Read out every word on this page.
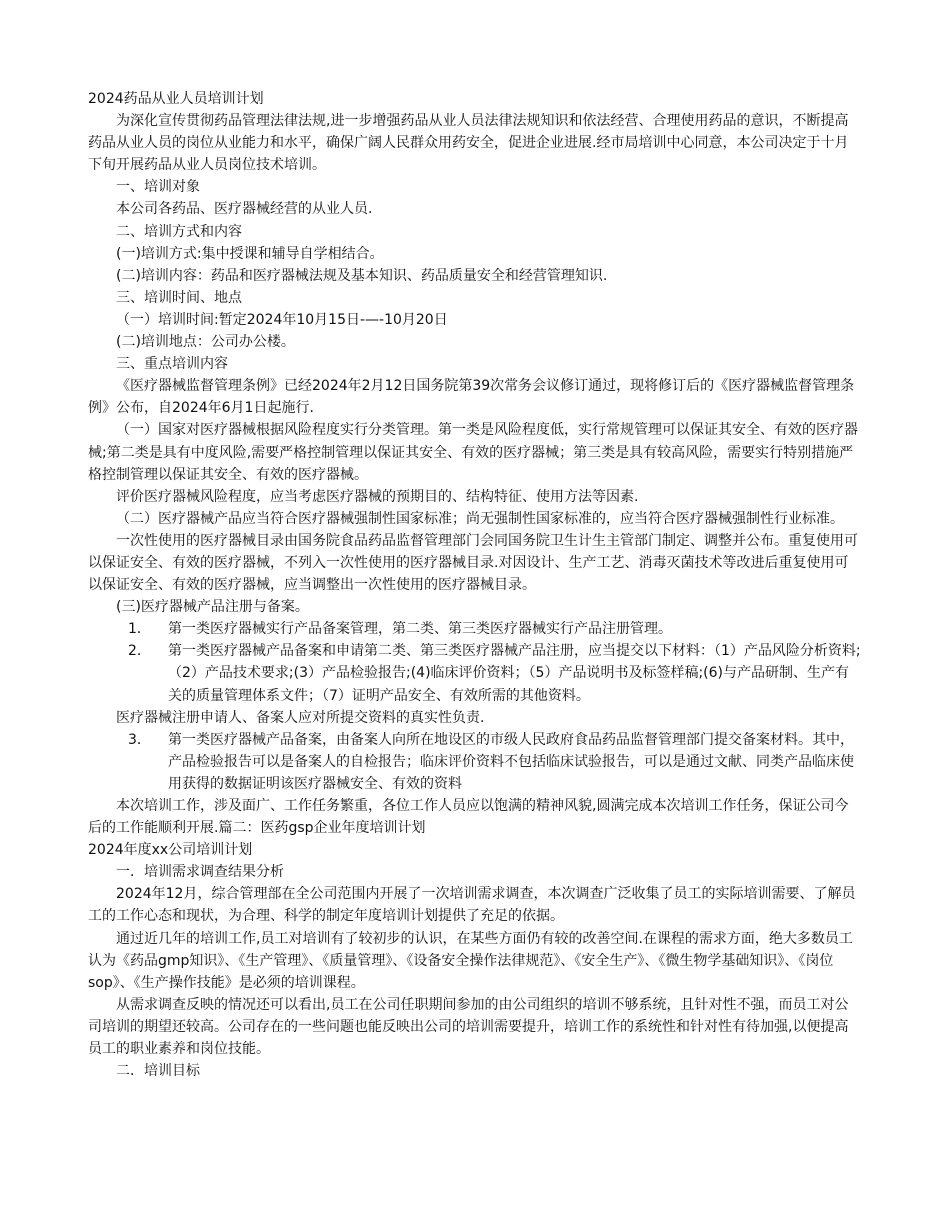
2024药品从业人员培训计划

为深化宣传贯彻药品管理法律法规,进一步增强药品从业人员法律法规知识和依法经营、合理使用药品的意识，不断提高药品从业人员的岗位从业能力和水平，确保广阔人民群众用药安全，促进企业进展.经市局培训中心同意，本公司决定于十月下旬开展药品从业人员岗位技术培训。

一、培训对象

本公司各药品、医疗器械经营的从业人员.

二、培训方式和内容

(一)培训方式:集中授课和辅导自学相结合。

(二)培训内容：药品和医疗器械法规及基本知识、药品质量安全和经营管理知识.

三、培训时间、地点

（一）培训时间:暂定2024年10月15日-—-10月20日

(二)培训地点：公司办公楼。

三、重点培训内容

《医疗器械监督管理条例》已经2024年2月12日国务院第39次常务会议修订通过，现将修订后的《医疗器械监督管理条例》公布，自2024年6月1日起施行.

（一）国家对医疗器械根据风险程度实行分类管理。第一类是风险程度低，实行常规管理可以保证其安全、有效的医疗器械;第二类是具有中度风险,需要严格控制管理以保证其安全、有效的医疗器械；第三类是具有较高风险，需要实行特别措施严格控制管理以保证其安全、有效的医疗器械。

评价医疗器械风险程度，应当考虑医疗器械的预期目的、结构特征、使用方法等因素.

（二）医疗器械产品应当符合医疗器械强制性国家标准；尚无强制性国家标准的，应当符合医疗器械强制性行业标准。

一次性使用的医疗器械目录由国务院食品药品监督管理部门会同国务院卫生计生主管部门制定、调整并公布。重复使用可以保证安全、有效的医疗器械，不列入一次性使用的医疗器械目录.对因设计、生产工艺、消毒灭菌技术等改进后重复使用可以保证安全、有效的医疗器械，应当调整出一次性使用的医疗器械目录。

(三)医疗器械产品注册与备案。

1．	第一类医疗器械实行产品备案管理，第二类、第三类医疗器械实行产品注册管理。
2．	第一类医疗器械产品备案和申请第二类、第三类医疗器械产品注册，应当提交以下材料：（1）产品风险分析资料;（2）产品技术要求;(3）产品检验报告;(4)临床评价资料；（5）产品说明书及标签样稿;(6)与产品研制、生产有关的质量管理体系文件；（7）证明产品安全、有效所需的其他资料。

医疗器械注册申请人、备案人应对所提交资料的真实性负责.

3．	第一类医疗器械产品备案，由备案人向所在地设区的市级人民政府食品药品监督管理部门提交备案材料。其中，产品检验报告可以是备案人的自检报告；临床评价资料不包括临床试验报告，可以是通过文献、同类产品临床使用获得的数据证明该医疗器械安全、有效的资料

本次培训工作，涉及面广、工作任务繁重，各位工作人员应以饱满的精神风貌,圆满完成本次培训工作任务，保证公司今后的工作能顺利开展.篇二：医药gsp企业年度培训计划

2024年度xx公司培训计划

一．培训需求调查结果分析

2024年12月，综合管理部在全公司范围内开展了一次培训需求调查，本次调查广泛收集了员工的实际培训需要、了解员工的工作心态和现状，为合理、科学的制定年度培训计划提供了充足的依据。

通过近几年的培训工作,员工对培训有了较初步的认识，在某些方面仍有较的改善空间.在课程的需求方面，绝大多数员工认为《药品gmp知识》、《生产管理》、《质量管理》、《设备安全操作法律规范》、《安全生产》、《微生物学基础知识》、《岗位sop》、《生产操作技能》是必须的培训课程。

从需求调查反映的情况还可以看出,员工在公司任职期间参加的由公司组织的培训不够系统，且针对性不强，而员工对公司培训的期望还较高。公司存在的一些问题也能反映出公司的培训需要提升，培训工作的系统性和针对性有待加强,以便提高员工的职业素养和岗位技能。

二．培训目标
